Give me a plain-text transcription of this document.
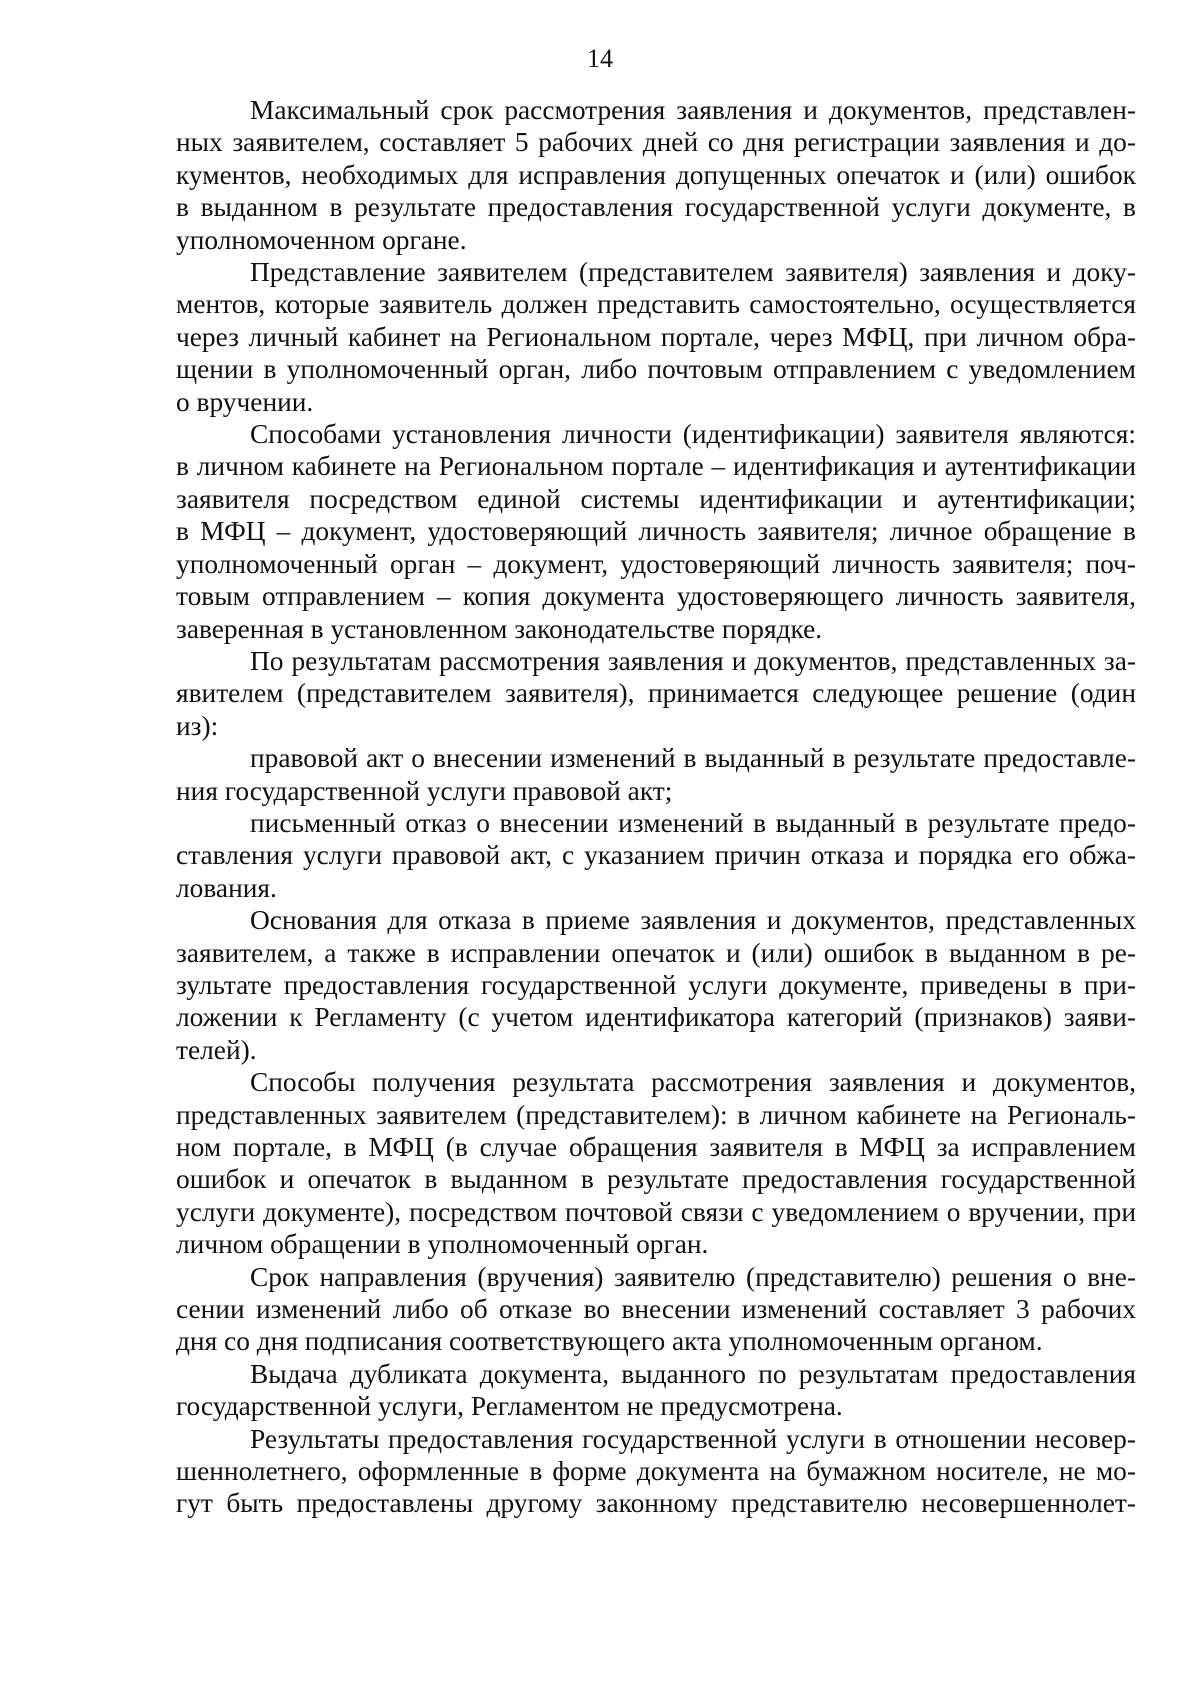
14
Максимальный срок рассмотрения заявления и документов, представлен-
ных заявителем, составляет 5 рабочих дней со дня регистрации заявления и до-
кументов, необходимых для исправления допущенных опечаток и (или) ошибок
в выданном в результате предоставления государственной услуги документе, в
уполномоченном органе.
Представление заявителем (представителем заявителя) заявления и доку-
ментов, которые заявитель должен представить самостоятельно, осуществляется
через личный кабинет на Региональном портале, через МФЦ, при личном обра-
щении в уполномоченный орган, либо почтовым отправлением с уведомлением
о вручении.
Способами установления личности (идентификации) заявителя являются:
в личном кабинете на Региональном портале – идентификация и аутентификации
заявителя посредством единой системы идентификации и аутентификации;
в МФЦ – документ, удостоверяющий личность заявителя; личное обращение в
уполномоченный орган – документ, удостоверяющий личность заявителя; поч-
товым отправлением – копия документа удостоверяющего личность заявителя,
заверенная в установленном законодательстве порядке.
По результатам рассмотрения заявления и документов, представленных за-
явителем (представителем заявителя), принимается следующее решение (один
из):
правовой акт о внесении изменений в выданный в результате предоставле-
ния государственной услуги правовой акт;
письменный отказ о внесении изменений в выданный в результате предо-
ставления услуги правовой акт, с указанием причин отказа и порядка его обжа-
лования.
Основания для отказа в приеме заявления и документов, представленных
заявителем, а также в исправлении опечаток и (или) ошибок в выданном в ре-
зультате предоставления государственной услуги документе, приведены в при-
ложении к Регламенту (с учетом идентификатора категорий (признаков) заяви-
телей).
Способы получения результата рассмотрения заявления и документов,
представленных заявителем (представителем): в личном кабинете на Региональ-
ном портале, в МФЦ (в случае обращения заявителя в МФЦ за исправлением
ошибок и опечаток в выданном в результате предоставления государственной
услуги документе), посредством почтовой связи с уведомлением о вручении, при
личном обращении в уполномоченный орган.
Срок направления (вручения) заявителю (представителю) решения о вне-
сении изменений либо об отказе во внесении изменений составляет 3 рабочих
дня со дня подписания соответствующего акта уполномоченным органом.
Выдача дубликата документа, выданного по результатам предоставления
государственной услуги, Регламентом не предусмотрена.
Результаты предоставления государственной услуги в отношении несовер-
шеннолетнего, оформленные в форме документа на бумажном носителе, не мо-
гут быть предоставлены другому законному представителю несовершеннолет-
